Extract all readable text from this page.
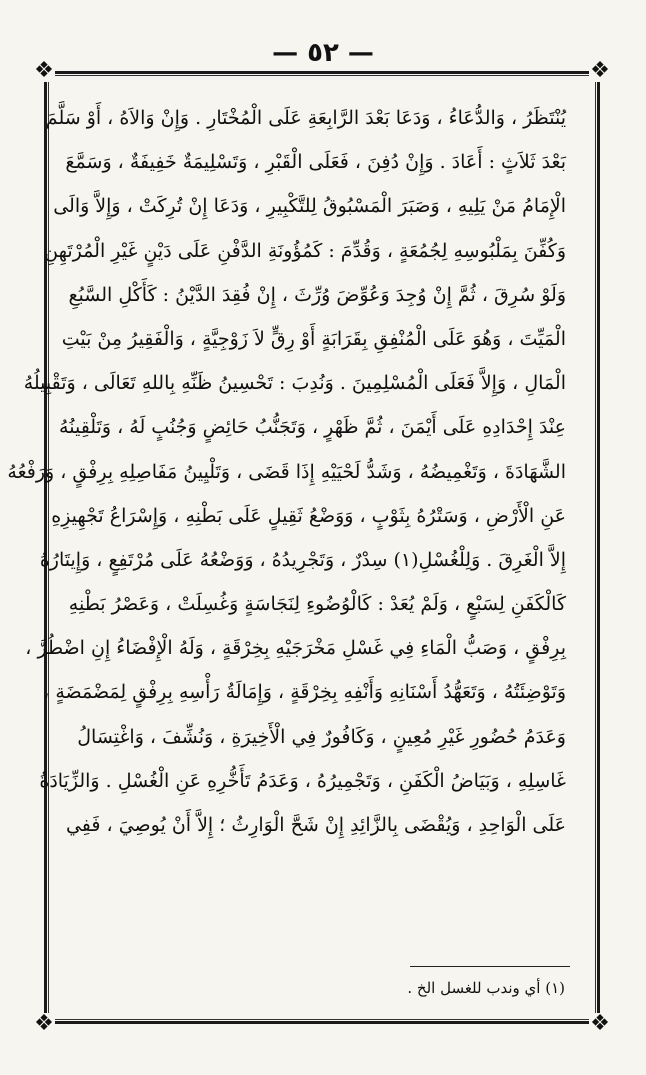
— ٥٢ —
❖	❖
❖	❖
يُنْتَظَرُ ، وَالدُّعَاءُ ، وَدَعَا بَعْدَ الرَّابِعَةِ عَلَى الْمُخْتَارِ . وَإِنْ وَالاَهُ ، أَوْ سَلَّمَ
بَعْدَ ثَلاَثٍ : أَعَادَ . وَإِنْ دُفِنَ ، فَعَلَى الْقَبْرِ ، وَتَسْلِيمَةٌ خَفِيفَةٌ ، وَسَمَّعَ
الْإِمَامُ مَنْ يَلِيهِ ، وَصَبَرَ الْمَسْبُوقُ لِلتَّكْبِيرِ ، وَدَعَا إِنْ تُرِكَتْ ، وَإِلاَّ وَالَى
وَكُفِّنَ بِمَلْبُوسِهِ لِجُمُعَةٍ ، وَقُدِّمَ : كَمُؤُونَةِ الدَّفْنِ عَلَى دَيْنٍ غَيْرِ الْمُرْتَهِنِ
وَلَوْ سُرِقَ ، ثُمَّ إِنْ وُجِدَ وَعُوِّضَ وُرِّثَ ، إِنْ فُقِدَ الدَّيْنُ : كَأَكْلِ السَّبُعِ
الْمَيِّتَ ، وَهُوَ عَلَى الْمُنْفِقِ بِقَرَابَةٍ أَوْ رِقٍّ لاَ زَوْجِيَّةٍ ، وَالْفَقِيرُ مِنْ بَيْتِ
الْمَالِ ، وَإِلاَّ فَعَلَى الْمُسْلِمِينَ . وَنُدِبَ : تَحْسِينُ ظَنِّهِ بِاللهِ تَعَالَى ، وَتَقْبِيلُهُ
عِنْدَ إِحْدَادِهِ عَلَى أَيْمَنَ ، ثُمَّ ظَهْرٍ ، وَتَجَنُّبُ حَائِضٍ وَجُنُبٍ لَهُ ، وَتَلْقِينُهُ
الشَّهَادَةَ ، وَتَغْمِيضُهُ ، وَشَدُّ لَحْيَيْهِ إِذَا قَضَى ، وَتَلْيِينُ مَفَاصِلِهِ بِرِفْقٍ ، وَرَفْعُهُ
عَنِ الْأَرْضِ ، وَسَتْرُهُ بِثَوْبٍ ، وَوَضْعُ ثَقِيلٍ عَلَى بَطْنِهِ ، وَإِسْرَاعُ تَجْهِيزِهِ
إِلاَّ الْغَرِقَ . وَلِلْغُسْلِ(١) سِدْرٌ ، وَتَجْرِيدُهُ ، وَوَضْعُهُ عَلَى مُرْتَفِعٍ ، وَإِيتَارُهُ
كَالْكَفَنِ لِسَبْعٍ ، وَلَمْ يُعَدْ : كَالْوُضُوءِ لِنَجَاسَةٍ وَغُسِلَتْ ، وَعَصْرُ بَطْنِهِ
بِرِفْقٍ ، وَصَبُّ الْمَاءِ فِي غَسْلِ مَخْرَجَيْهِ بِخِرْقَةٍ ، وَلَهُ الْإِفْضَاءُ إِنِ اضْطُرَّ ،
وَتَوْضِئَتُهُ ، وَتَعَهُّدُ أَسْنَانِهِ وَأَنْفِهِ بِخِرْقَةٍ ، وَإِمَالَةُ رَأْسِهِ بِرِفْقٍ لِمَضْمَضَةٍ ،
وَعَدَمُ حُضُورِ غَيْرِ مُعِينٍ ، وَكَافُورٌ فِي الْأَخِيرَةِ ، وَنُشِّفَ ، وَاغْتِسَالُ
غَاسِلِهِ ، وَبَيَاضُ الْكَفَنِ ، وَتَجْمِيرُهُ ، وَعَدَمُ تَأَخُّرِهِ عَنِ الْغُسْلِ . وَالزِّيَادَةُ
عَلَى الْوَاحِدِ ، وَيُقْضَى بِالزَّائِدِ إِنْ شَحَّ الْوَارِثُ ؛ إِلاَّ أَنْ يُوصِيَ ، فَفِي
(١) أي وندب للغسل الخ .
